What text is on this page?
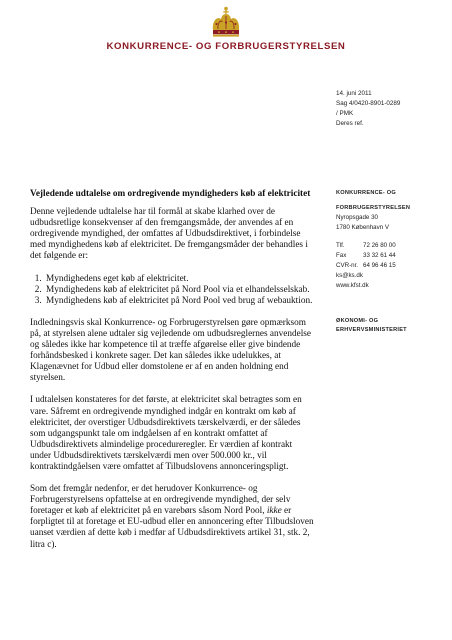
KONKURRENCE- OG FORBRUGERSTYRELSEN
14. juni 2011
Sag 4/0420-8901-0289
/ PMK
Deres ref.
KONKURRENCE- OG
FORBRUGERSTYRELSEN
Nyropsgade 30
1780 København V
Tlf.	72 26 80 00
Fax	33 32 61 44
CVR-nr. 64 96 46 15
ks@ks.dk
www.kfst.dk
ØKONOMI- OG
ERHVERVSMINISTERIET
Vejledende udtalelse om ordregivende myndigheders køb af elektricitet

Denne vejledende udtalelse har til formål at skabe klarhed over de udbudsretlige konsekvenser af den fremgangsmåde, der anvendes af en ordregivende myndighed, der omfattes af Udbudsdirektivet, i forbindelse med myndighedens køb af elektricitet. De fremgangsmåder der behandles i det følgende er:

1. Myndighedens eget køb af elektricitet.
2. Myndighedens køb af elektricitet på Nord Pool via et elhandelsselskab.
3. Myndighedens køb af elektricitet på Nord Pool ved brug af webauktion.

Indledningsvis skal Konkurrence- og Forbrugerstyrelsen gøre opmærksom på, at styrelsen alene udtaler sig vejledende om udbudsreglernes anvendelse og således ikke har kompetence til at træffe afgørelse eller give bindende forhåndsbesked i konkrete sager. Det kan således ikke udelukkes, at Klagenævnet for Udbud eller domstolene er af en anden holdning end styrelsen.

I udtalelsen konstateres for det første, at elektricitet skal betragtes som en vare. Såfremt en ordregivende myndighed indgår en kontrakt om køb af elektricitet, der overstiger Udbudsdirektivets tærskelværdi, er der således som udgangspunkt tale om indgåelsen af en kontrakt omfattet af Udbudsdirektivets almindelige procedureregler. Er værdien af kontrakt under Udbudsdirektivets tærskelværdi men over 500.000 kr., vil kontraktindgåelsen være omfattet af Tilbudslovens annonceringspligt.

Som det fremgår nedenfor, er det herudover Konkurrence- og Forbrugerstyrelsens opfattelse at en ordregivende myndighed, der selv foretager et køb af elektricitet på en varebørs såsom Nord Pool, ikke er forpligtet til at foretage et EU-udbud eller en annoncering efter Tilbudsloven uanset værdien af dette køb i medfør af Udbudsdirektivets artikel 31, stk. 2, litra c).
